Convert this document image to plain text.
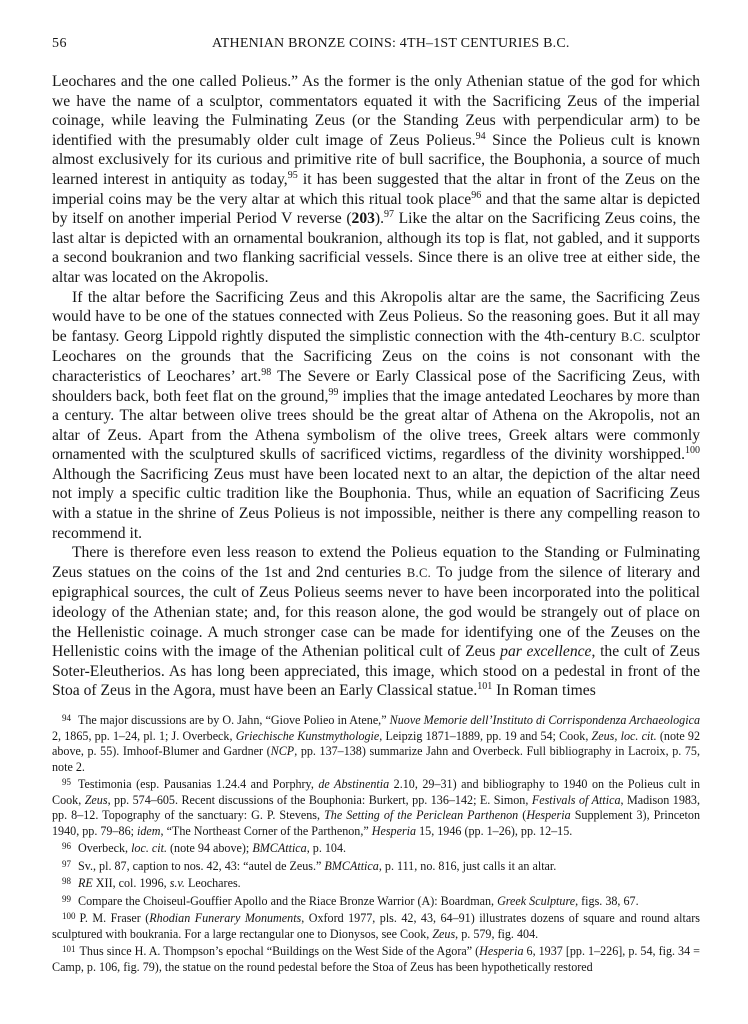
56	ATHENIAN BRONZE COINS: 4TH–1ST CENTURIES B.C.

Leochares and the one called Polieus.” As the former is the only Athenian statue of the god for which we have the name of a sculptor, commentators equated it with the Sacrificing Zeus of the imperial coinage, while leaving the Fulminating Zeus (or the Standing Zeus with perpendicular arm) to be identified with the presumably older cult image of Zeus Polieus.$^{94}$ Since the Polieus cult is known almost exclusively for its curious and primitive rite of bull sacrifice, the Bouphonia, a source of much learned interest in antiquity as today,$^{95}$ it has been suggested that the altar in front of the Zeus on the imperial coins may be the very altar at which this ritual took place$^{96}$ and that the same altar is depicted by itself on another imperial Period V reverse (203).$^{97}$ Like the altar on the Sacrificing Zeus coins, the last altar is depicted with an ornamental boukranion, although its top is flat, not gabled, and it supports a second boukranion and two flanking sacrificial vessels. Since there is an olive tree at either side, the altar was located on the Akropolis.

If the altar before the Sacrificing Zeus and this Akropolis altar are the same, the Sacrificing Zeus would have to be one of the statues connected with Zeus Polieus. So the reasoning goes. But it all may be fantasy. Georg Lippold rightly disputed the simplistic connection with the 4th-century B.C. sculptor Leochares on the grounds that the Sacrificing Zeus on the coins is not consonant with the characteristics of Leochares’ art.$^{98}$ The Severe or Early Classical pose of the Sacrificing Zeus, with shoulders back, both feet flat on the ground,$^{99}$ implies that the image antedated Leochares by more than a century. The altar between olive trees should be the great altar of Athena on the Akropolis, not an altar of Zeus. Apart from the Athena symbolism of the olive trees, Greek altars were commonly ornamented with the sculptured skulls of sacrificed victims, regardless of the divinity worshipped.$^{100}$ Although the Sacrificing Zeus must have been located next to an altar, the depiction of the altar need not imply a specific cultic tradition like the Bouphonia. Thus, while an equation of Sacrificing Zeus with a statue in the shrine of Zeus Polieus is not impossible, neither is there any compelling reason to recommend it.

There is therefore even less reason to extend the Polieus equation to the Standing or Fulminating Zeus statues on the coins of the 1st and 2nd centuries B.C. To judge from the silence of literary and epigraphical sources, the cult of Zeus Polieus seems never to have been incorporated into the political ideology of the Athenian state; and, for this reason alone, the god would be strangely out of place on the Hellenistic coinage. A much stronger case can be made for identifying one of the Zeuses on the Hellenistic coins with the image of the Athenian political cult of Zeus par excellence, the cult of Zeus Soter-Eleutherios. As has long been appreciated, this image, which stood on a pedestal in front of the Stoa of Zeus in the Agora, must have been an Early Classical statue.$^{101}$ In Roman times

94 The major discussions are by O. Jahn, “Giove Polieo in Atene,” Nuove Memorie dell’Instituto di Corrispondenza Archaeologica 2, 1865, pp. 1–24, pl. 1; J. Overbeck, Griechische Kunstmythologie, Leipzig 1871–1889, pp. 19 and 54; Cook, Zeus, loc. cit. (note 92 above, p. 55). Imhoof-Blumer and Gardner (NCP, pp. 137–138) summarize Jahn and Overbeck. Full bibliography in Lacroix, p. 75, note 2.

95 Testimonia (esp. Pausanias 1.24.4 and Porphry, de Abstinentia 2.10, 29–31) and bibliography to 1940 on the Polieus cult in Cook, Zeus, pp. 574–605. Recent discussions of the Bouphonia: Burkert, pp. 136–142; E. Simon, Festivals of Attica, Madison 1983, pp. 8–12. Topography of the sanctuary: G. P. Stevens, The Setting of the Periclean Parthenon (Hesperia Supplement 3), Princeton 1940, pp. 79–86; idem, “The Northeast Corner of the Parthenon,” Hesperia 15, 1946 (pp. 1–26), pp. 12–15.

96 Overbeck, loc. cit. (note 94 above); BMCAttica, p. 104.

97 Sv., pl. 87, caption to nos. 42, 43: “autel de Zeus.” BMCAttica, p. 111, no. 816, just calls it an altar.

98 RE XII, col. 1996, s.v. Leochares.

99 Compare the Choiseul-Gouffier Apollo and the Riace Bronze Warrior (A): Boardman, Greek Sculpture, figs. 38, 67.

100 P. M. Fraser (Rhodian Funerary Monuments, Oxford 1977, pls. 42, 43, 64–91) illustrates dozens of square and round altars sculptured with boukrania. For a large rectangular one to Dionysos, see Cook, Zeus, p. 579, fig. 404.

101 Thus since H. A. Thompson’s epochal “Buildings on the West Side of the Agora” (Hesperia 6, 1937 [pp. 1–226], p. 54, fig. 34 = Camp, p. 106, fig. 79), the statue on the round pedestal before the Stoa of Zeus has been hypothetically restored
